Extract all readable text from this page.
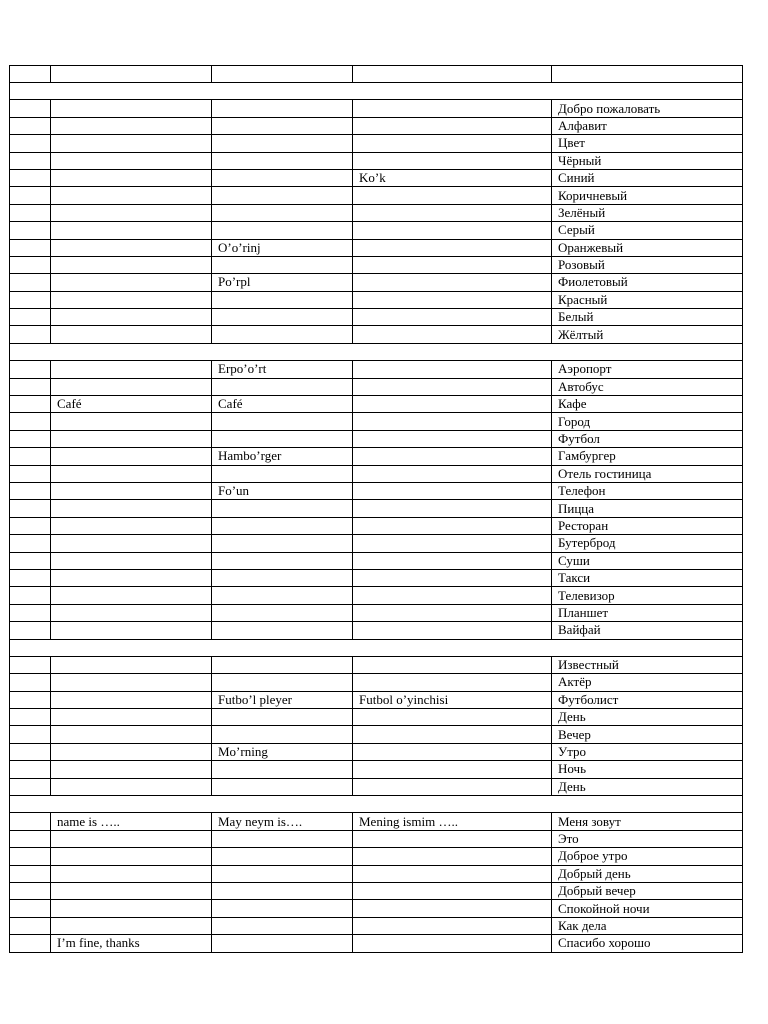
				Добро пожаловать
				Алфавит
				Цвет
				Чёрный
			Ko’k	Синий
				Коричневый
				Зелёный
				Серый
		O’o’rinj		Оранжевый
				Розовый
		Po’rpl		Фиолетовый
				Красный
				Белый
				Жёлтый

		Erpo’o’rt		Аэропорт
				Автобус
	Café	Café		Кафе
				Город
				Футбол
		Hambo’rger		Гамбургер
				Отель гостиница
		Fo’un		Телефон
				Пицца
				Ресторан
				Бутерброд
				Суши
				Такси
				Телевизор
				Планшет
				Вайфай

				Известный
				Актёр
		Futbo’l pleyer	Futbol o’yinchisi	Футболист
				День
				Вечер
		Mo’rning		Утро
				Ночь
				День

	name is …..	May neym is….	Mening ismim …..	Меня зовут
				Это
				Доброе утро
				Добрый день
				Добрый вечер
				Спокойной ночи
				Как дела
	I’m fine, thanks			Спасибо хорошо
